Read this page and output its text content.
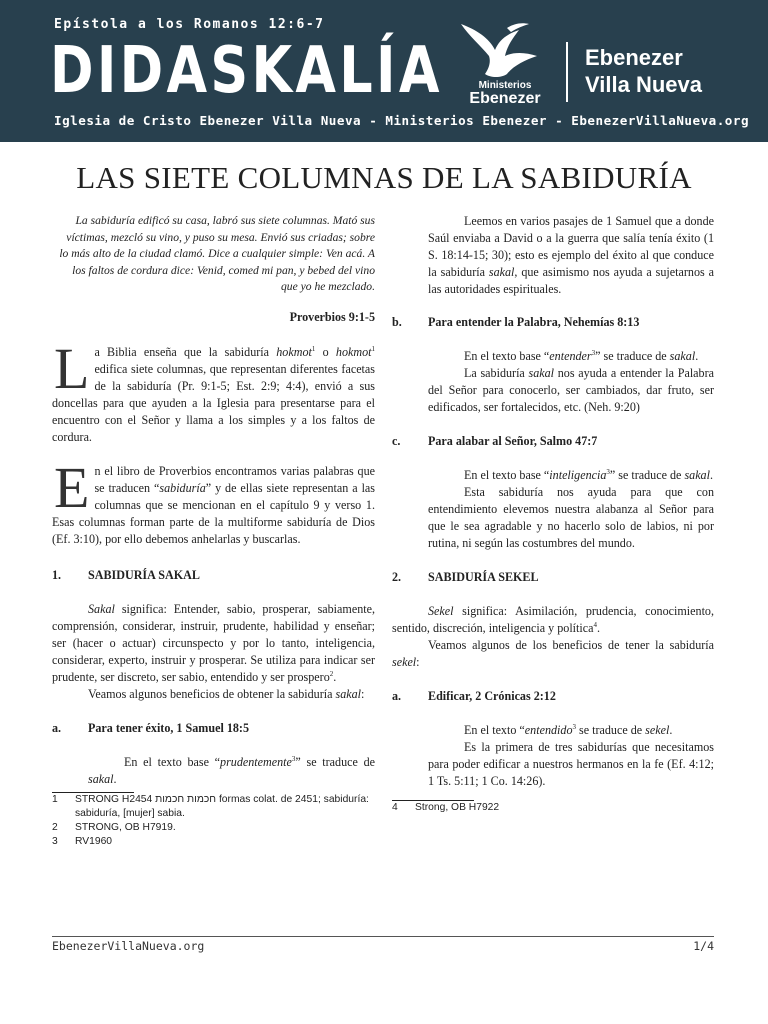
Epístola a los Romanos 12:6-7
DIDASKALÍA
Iglesia de Cristo Ebenezer Villa Nueva - Ministerios Ebenezer - EbenezerVillaNueva.org
Ministerios
Ebenezer
Ebenezer
Villa Nueva
LAS SIETE COLUMNAS DE LA SABIDURÍA

La sabiduría edificó su casa, labró sus siete columnas. Mató sus víctimas, mezcló su vino, y puso su mesa. Envió sus criadas; sobre lo más alto de la ciudad clamó. Dice a cualquier simple: Ven acá. A los faltos de cordura dice: Venid, comed mi pan, y bebed del vino que yo he mezclado.

Proverbios 9:1-5

La Biblia enseña que la sabiduría hokmot$^1$ o hokmot$^1$ edifica siete columnas, que representan diferentes facetas de la sabiduría (Pr. 9:1-5; Est. 2:9; 4:4), envió a sus doncellas para que ayuden a la Iglesia para presentarse para el encuentro con el Señor y llama a los simples y a los faltos de cordura.

En el libro de Proverbios encontramos varias palabras que se traducen “sabiduría” y de ellas siete representan a las columnas que se mencionan en el capítulo 9 y verso 1. Esas columnas forman parte de la multiforme sabiduría de Dios (Ef. 3:10), por ello debemos anhelarlas y buscarlas.

1.	SABIDURÍA SAKAL

Sakal significa: Entender, sabio, prosperar, sabiamente, comprensión, considerar, instruir, prudente, habilidad y enseñar; ser (hacer o actuar) circunspecto y por lo tanto, inteligencia, considerar, experto, instruir y prosperar. Se utiliza para indicar ser prudente, ser discreto, ser sabio, entendido y ser prospero$^2$.

Veamos algunos beneficios de obtener la sabiduría sakal:

a.	Para tener éxito, 1 Samuel 18:5

En el texto base “prudentemente$^3$” se traduce de sakal.

1	STRONG H2454 חכמות חכמות formas colat. de 2451; sabiduría: sabiduría, [mujer] sabia.
2	STRONG, OB H7919.
3	RV1960

Leemos en varios pasajes de 1 Samuel que a donde Saúl enviaba a David o a la guerra que salía tenía éxito (1 S. 18:14-15; 30); esto es ejemplo del éxito al que conduce la sabiduría sakal, que asimismo nos ayuda a sujetarnos a las autoridades espirituales.

b.	Para entender la Palabra, Nehemías 8:13

En el texto base “entender$^3$” se traduce de sakal.

La sabiduría sakal nos ayuda a entender la Palabra del Señor para conocerlo, ser cambiados, dar fruto, ser edificados, ser fortalecidos, etc. (Neh. 9:20)

c.	Para alabar al Señor, Salmo 47:7

En el texto base “inteligencia$^3$” se traduce de sakal.

Esta sabiduría nos ayuda para que con entendimiento elevemos nuestra alabanza al Señor para que le sea agradable y no hacerlo solo de labios, ni por rutina, ni según las costumbres del mundo.

2.	SABIDURÍA SEKEL

Sekel significa: Asimilación, prudencia, conocimiento, sentido, discreción, inteligencia y política$^4$.

Veamos algunos de los beneficios de tener la sabiduría sekel:

a.	Edificar, 2 Crónicas 2:12

En el texto “entendido$^3$ se traduce de sekel.

Es la primera de tres sabidurías que necesitamos para poder edificar a nuestros hermanos en la fe (Ef. 4:12; 1 Ts. 5:11; 1 Co. 14:26).

4	Strong, OB H7922
EbenezerVillaNueva.org	1/4
